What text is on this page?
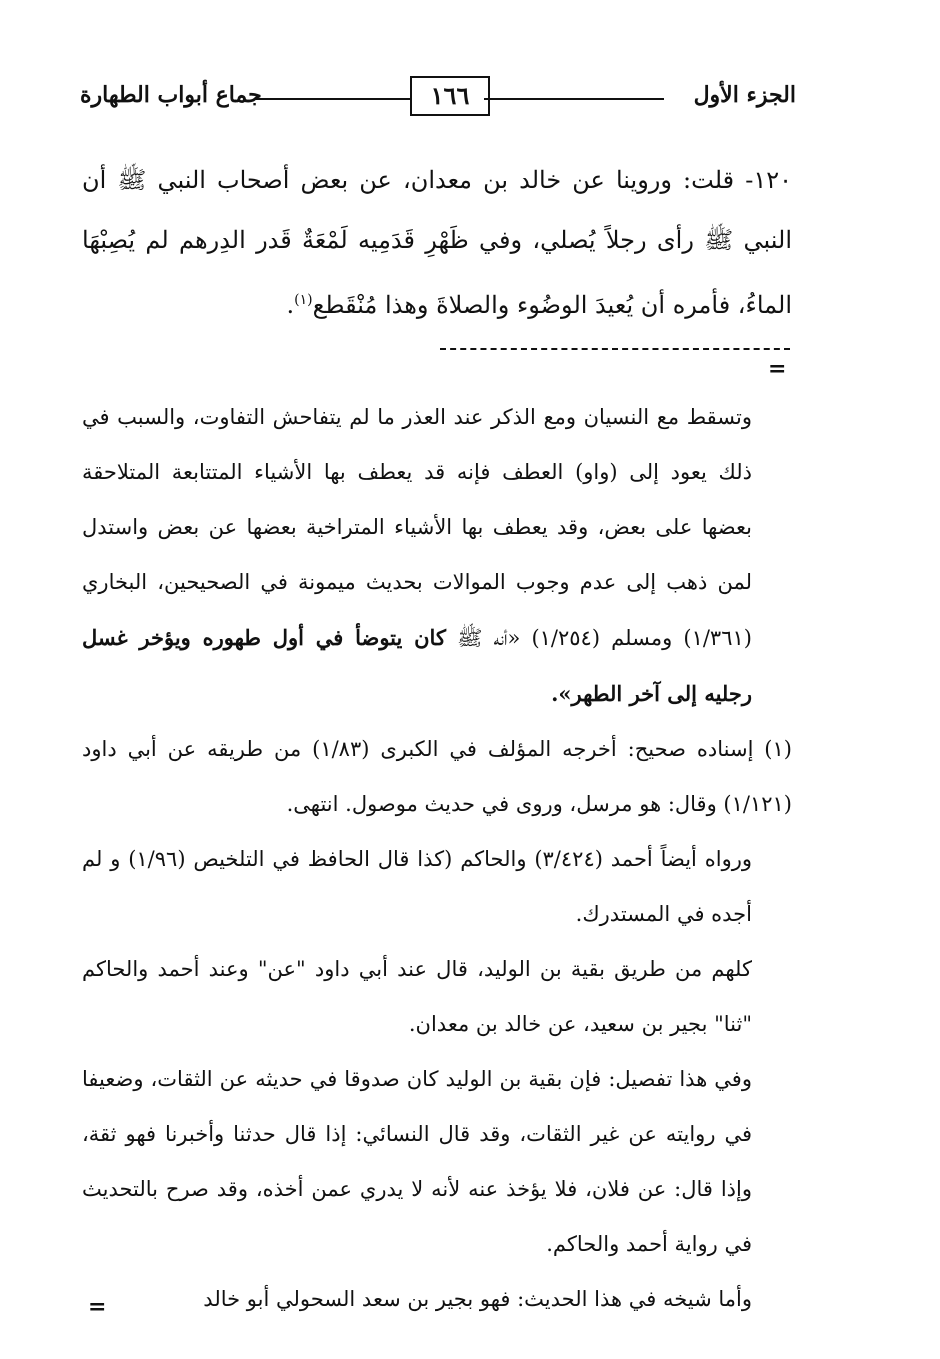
الجزء الأول
١٦٦
جماع أبواب الطهارة

١٢٠- قلت: وروينا عن خالد بن معدان، عن بعض أصحاب النبي ﷺ أن النبي ﷺ رأى رجلاً يُصلي، وفي ظَهْرِ قَدَمِيه لَمْعَةٌ قَدر الدِرهم لم يُصِبْهَا الماءُ، فأمره أن يُعيدَ الوضُوء والصلاةَ وهذا مُنْقَطع$^{(١)}$.

=

وتسقط مع النسيان ومع الذكر عند العذر ما لم يتفاحش التفاوت، والسبب في ذلك يعود إلى (واو) العطف فإنه قد يعطف بها الأشياء المتتابعة المتلاحقة بعضها على بعض، وقد يعطف بها الأشياء المتراخية بعضها عن بعض واستدل لمن ذهب إلى عدم وجوب الموالات بحديث ميمونة في الصحيحين، البخاري (١/٣٦١) ومسلم (١/٢٥٤) «أنه ﷺ كان يتوضأ في أول طهوره ويؤخر غسل رجليه إلى آخر الطهر».

(١) إسناده صحيح: أخرجه المؤلف في الكبرى (١/٨٣) من طريقه عن أبي داود (١/١٢١) وقال: هو مرسل، وروى في حديث موصول. انتهى.

ورواه أيضاً أحمد (٣/٤٢٤) والحاكم (كذا قال الحافظ في التلخيص (١/٩٦) و لم أجده في المستدرك.

كلهم من طريق بقية بن الوليد، قال عند أبي داود "عن" وعند أحمد والحاكم "ثنا" بجير بن سعيد، عن خالد بن معدان.

وفي هذا تفصيل: فإن بقية بن الوليد كان صدوقا في حديثه عن الثقات، وضعيفا في روايته عن غير الثقات، وقد قال النسائي: إذا قال حدثنا وأخبرنا فهو ثقة، وإذا قال: عن فلان، فلا يؤخذ عنه لأنه لا يدري عمن أخذه، وقد صرح بالتحديث في رواية أحمد والحاكم.

وأما شيخه في هذا الحديث: فهو بجير بن سعد السحولي أبو خالد

=
